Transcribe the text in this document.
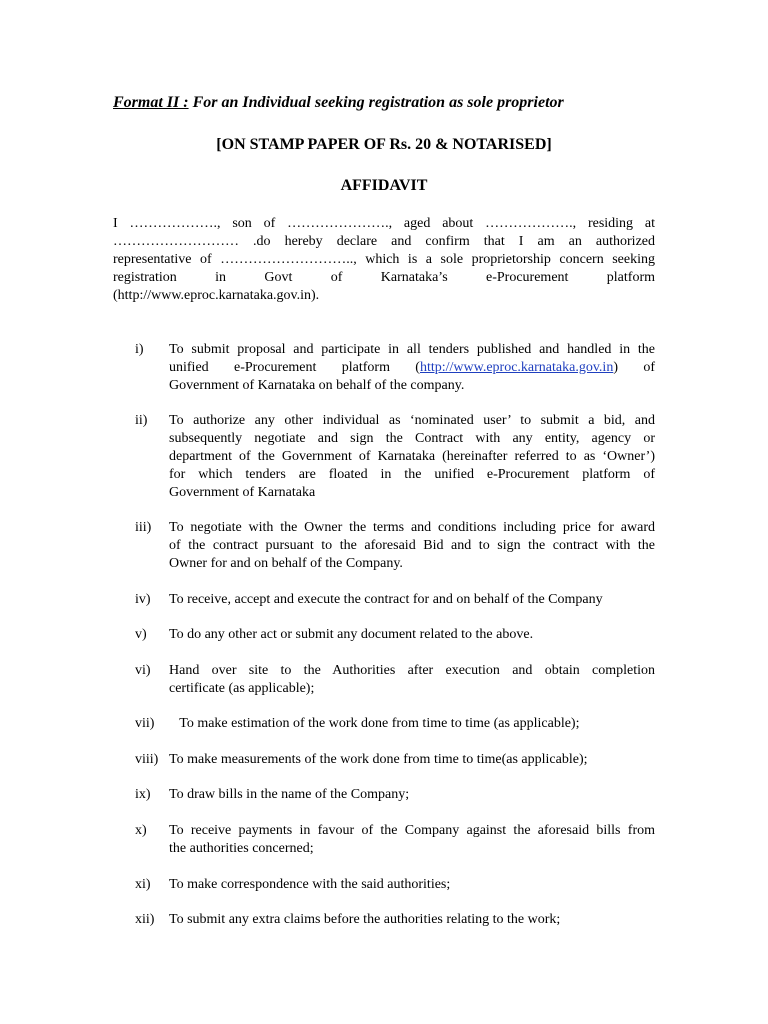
Format II : For an Individual seeking registration as sole proprietor
[ON STAMP PAPER OF Rs. 20 & NOTARISED]
AFFIDAVIT
I ………………., son of …………………., aged about ………………., residing at
……………………… .do hereby declare and confirm that I am an authorized
representative of ……………………….., which is a sole proprietorship concern seeking
registration in Govt of Karnataka’s e-Procurement platform
(http://www.eproc.karnataka.gov.in).
i) To submit proposal and participate in all tenders published and handled in the
unified e-Procurement platform (http://www.eproc.karnataka.gov.in) of
Government of Karnataka on behalf of the company.
ii) To authorize any other individual as ‘nominated user’ to submit a bid, and
subsequently negotiate and sign the Contract with any entity, agency or
department of the Government of Karnataka (hereinafter referred to as ‘Owner’)
for which tenders are floated in the unified e-Procurement platform of
Government of Karnataka
iii) To negotiate with the Owner the terms and conditions including price for award
of the contract pursuant to the aforesaid Bid and to sign the contract with the
Owner for and on behalf of the Company.
iv) To receive, accept and execute the contract for and on behalf of the Company
v) To do any other act or submit any document related to the above.
vi) Hand over site to the Authorities after execution and obtain completion
certificate (as applicable);
vii) To make estimation of the work done from time to time (as applicable);
viii) To make measurements of the work done from time to time(as applicable);
ix) To draw bills in the name of the Company;
x) To receive payments in favour of the Company against the aforesaid bills from
the authorities concerned;
xi) To make correspondence with the said authorities;
xii) To submit any extra claims before the authorities relating to the work;
